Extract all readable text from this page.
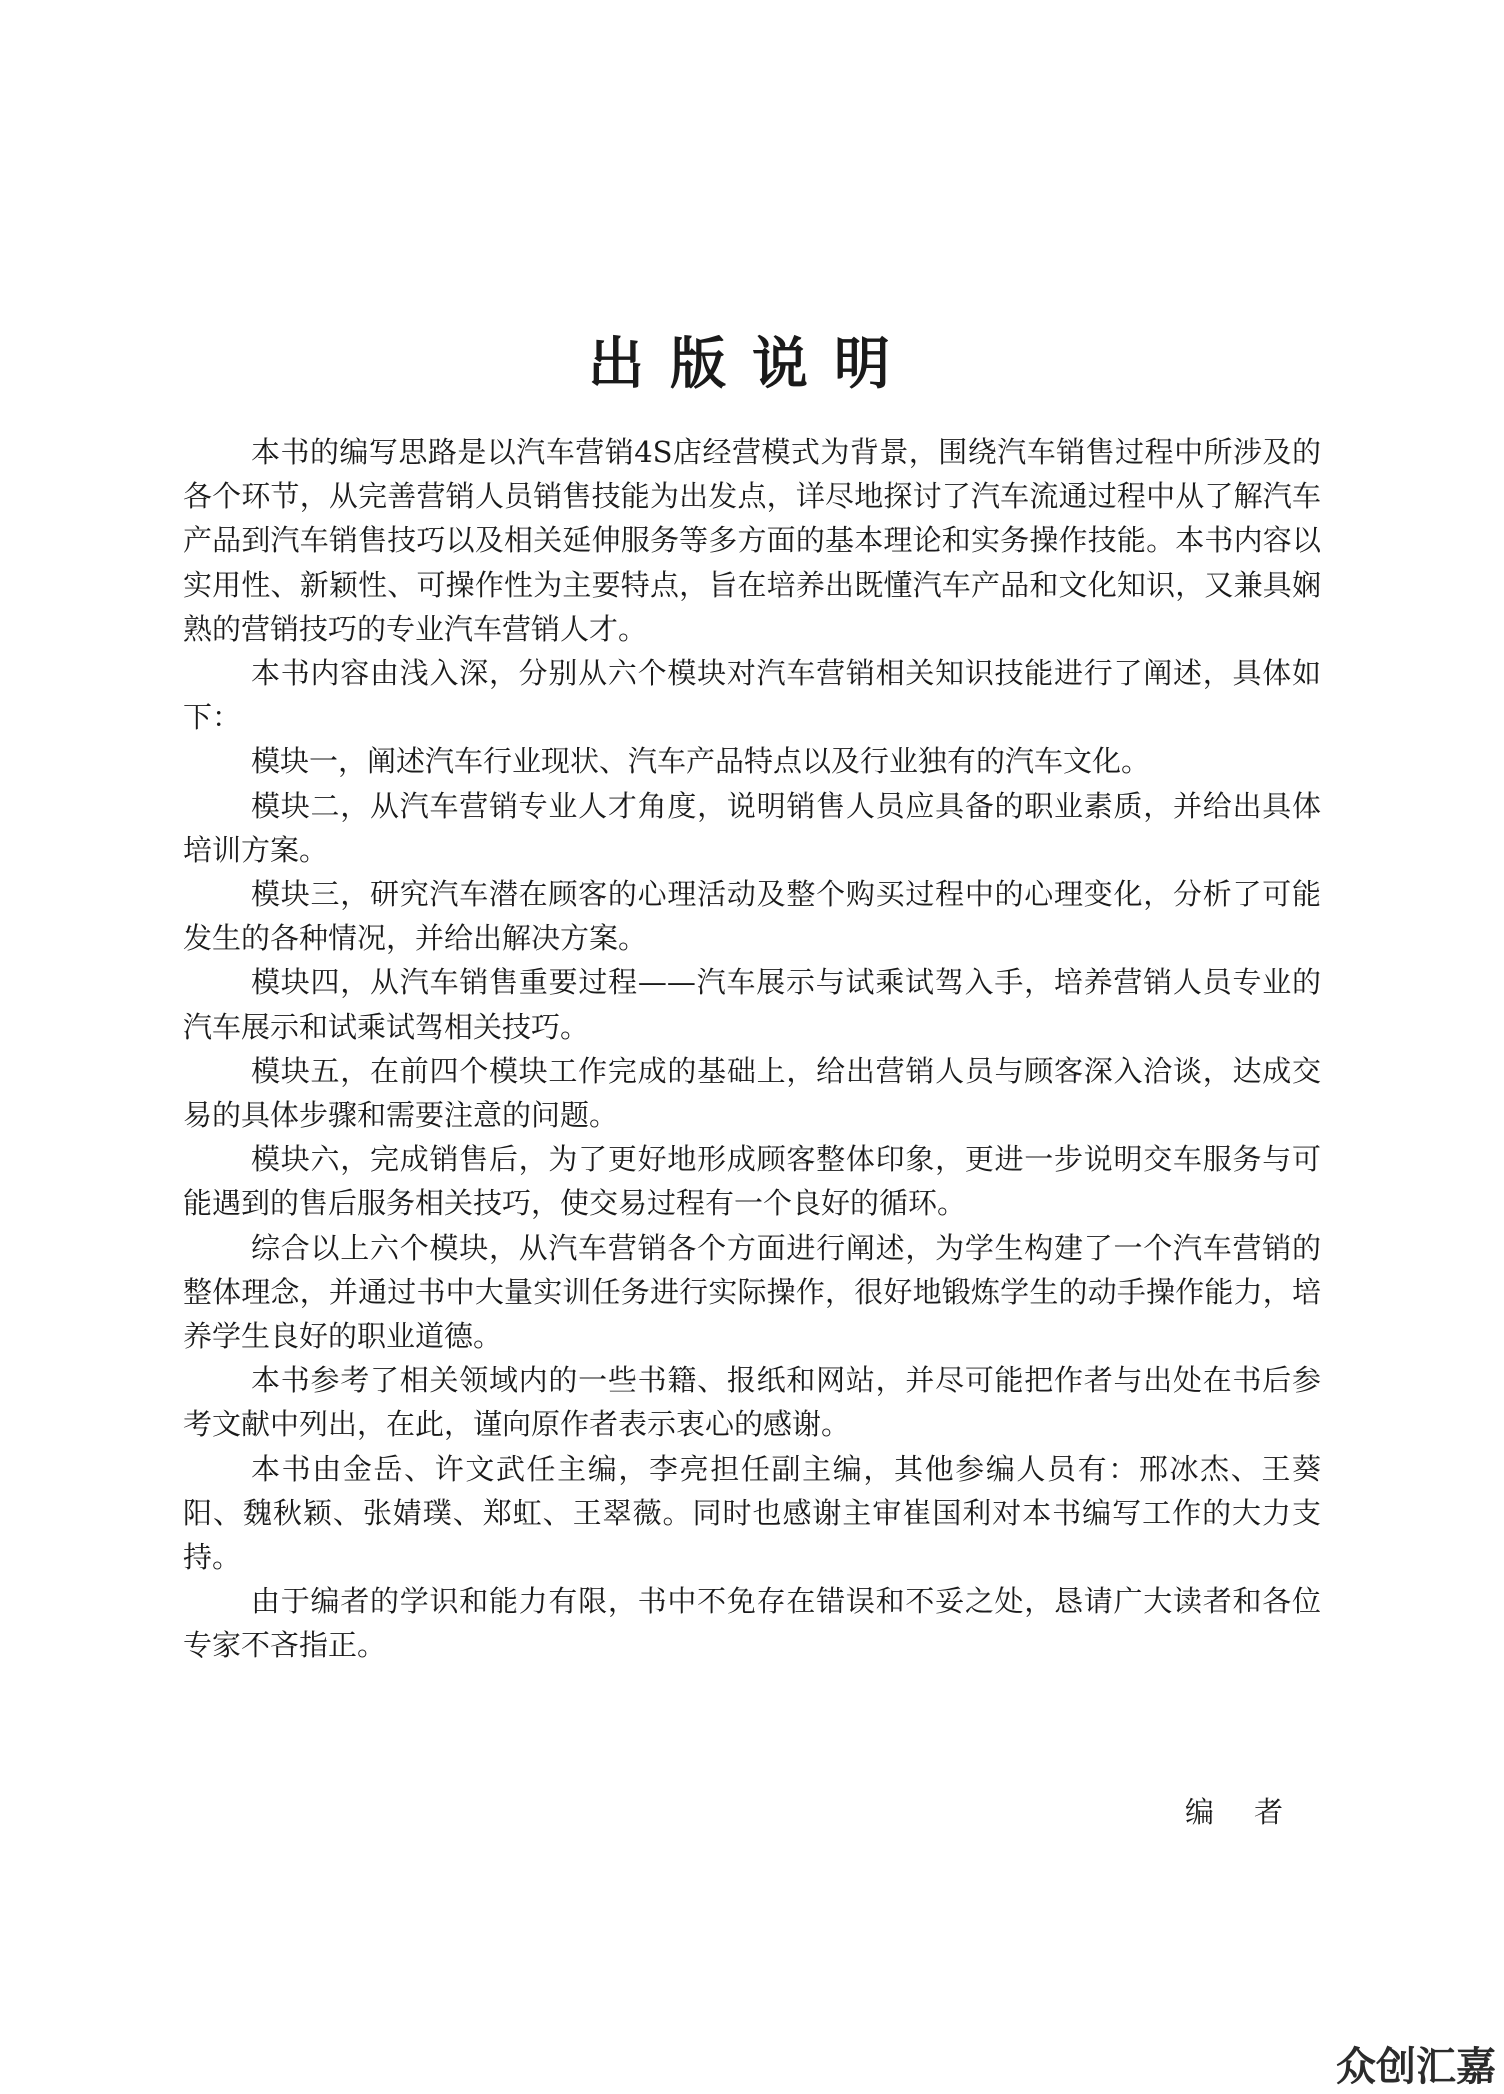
出版说明

本书的编写思路是以汽车营销4S店经营模式为背景，围绕汽车销售过程中所涉及的各个环节，从完善营销人员销售技能为出发点，详尽地探讨了汽车流通过程中从了解汽车产品到汽车销售技巧以及相关延伸服务等多方面的基本理论和实务操作技能。本书内容以实用性、新颖性、可操作性为主要特点，旨在培养出既懂汽车产品和文化知识，又兼具娴熟的营销技巧的专业汽车营销人才。

本书内容由浅入深，分别从六个模块对汽车营销相关知识技能进行了阐述，具体如下：

模块一，阐述汽车行业现状、汽车产品特点以及行业独有的汽车文化。

模块二，从汽车营销专业人才角度，说明销售人员应具备的职业素质，并给出具体培训方案。

模块三，研究汽车潜在顾客的心理活动及整个购买过程中的心理变化，分析了可能发生的各种情况，并给出解决方案。

模块四，从汽车销售重要过程——汽车展示与试乘试驾入手，培养营销人员专业的汽车展示和试乘试驾相关技巧。

模块五，在前四个模块工作完成的基础上，给出营销人员与顾客深入洽谈，达成交易的具体步骤和需要注意的问题。

模块六，完成销售后，为了更好地形成顾客整体印象，更进一步说明交车服务与可能遇到的售后服务相关技巧，使交易过程有一个良好的循环。

综合以上六个模块，从汽车营销各个方面进行阐述，为学生构建了一个汽车营销的整体理念，并通过书中大量实训任务进行实际操作，很好地锻炼学生的动手操作能力，培养学生良好的职业道德。

本书参考了相关领域内的一些书籍、报纸和网站，并尽可能把作者与出处在书后参考文献中列出，在此，谨向原作者表示衷心的感谢。

本书由金岳、许文武任主编，李亮担任副主编，其他参编人员有：邢冰杰、王葵阳、魏秋颖、张婧璞、郑虹、王翠薇。同时也感谢主审崔国利对本书编写工作的大力支持。

由于编者的学识和能力有限，书中不免存在错误和不妥之处，恳请广大读者和各位专家不吝指正。

编者
众创汇嘉
